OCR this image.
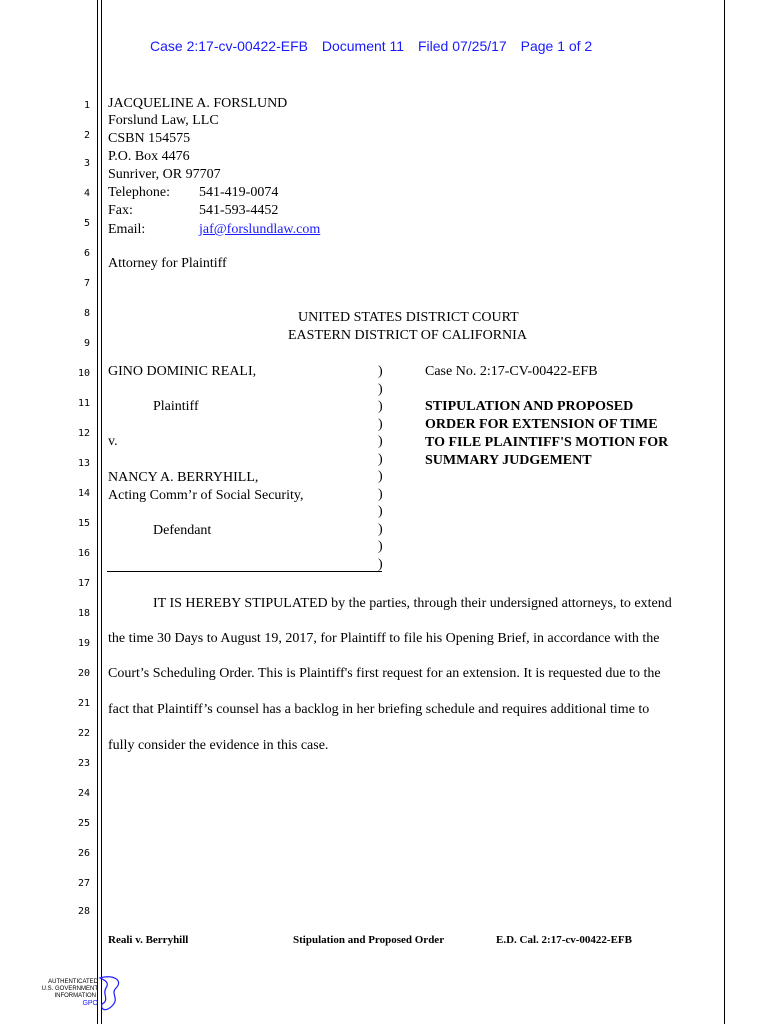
Case 2:17-cv-00422-EFB Document 11 Filed 07/25/17 Page 1 of 2
1
2
3
4
5
6
7
8
9
10
11
12
13
14
15
16
17
18
19
20
21
22
23
24
25
26
27
28
JACQUELINE A. FORSLUND
Forslund Law, LLC
CSBN 154575
P.O. Box 4476
Sunriver, OR 97707
Telephone: 541-419-0074
Fax:	541-593-4452
Email:	jaf@forslundlaw.com
Attorney for Plaintiff
UNITED STATES DISTRICT COURT
EASTERN DISTRICT OF CALIFORNIA
GINO DOMINIC REALI,
Plaintiff
v.
NANCY A. BERRYHILL,
Acting Comm’r of Social Security,
Defendant
)
)
)
)
)
)
)
)
)
)
)
)
Case No. 2:17-CV-00422-EFB
STIPULATION AND PROPOSED
ORDER FOR EXTENSION OF TIME
TO FILE PLAINTIFF'S MOTION FOR
SUMMARY JUDGEMENT
IT IS HEREBY STIPULATED by the parties, through their undersigned attorneys, to extend
the time 30 Days to August 19, 2017, for Plaintiff to file his Opening Brief, in accordance with the
Court’s Scheduling Order. This is Plaintiff's first request for an extension. It is requested due to the
fact that Plaintiff’s counsel has a backlog in her briefing schedule and requires additional time to
fully consider the evidence in this case.
Reali v. Berryhill	Stipulation and Proposed Order	E.D. Cal. 2:17-cv-00422-EFB
AUTHENTICATED
U.S. GOVERNMENT
INFORMATION
GPO
